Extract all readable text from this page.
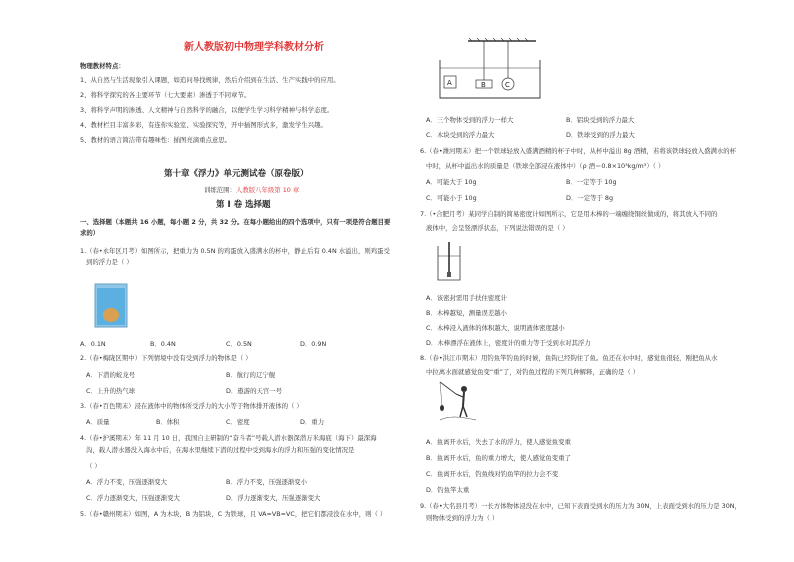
新人教版初中物理学科教材分析
物理教材特点：
1、从自然与生活现象引入课题，如追问导找规律，然后介绍到在生活、生产实践中的应用。
2、将科学探究的各主要环节（七大要素）渗透于不同章节。
3、将科学声明的渗透、人文精神与自然科学的融合，以便学生学习科学精神与科学态度。
4、教材栏目丰富多彩，有连你实验室、实验探究等，开中插图形式多，激发学生兴趣。
5、教材的语言简洁带有趣味性：插图亮滴重点意思。
第十章《浮力》单元测试卷（原卷版）
训练范围：人教版八年级第 10 章
第 Ⅰ 卷 选择题
一、选择题（本题共 16 小题，每小题 2 分，共 32 分。在每小题给出的四个选项中，只有一项是符合题目要
求的）
1.（春•永年区月考）如图所示，把重力为 0.5N 的鸡蛋放入盛满水的杯中，静止后有 0.4N 水溢出，则鸡蛋受
到的浮力是（ ）
A．0.1N	B．0.4N	C．0.5N	D．0.9N
2.（春•梅陇区期中）下列情境中没有受到浮力的物体是（ ）
A．下潜的蛟龙号	B．航行的辽宁舰
C．上升的热气球	D．遨游的天宫一号
3.（春•百色期末）浸在液体中的物体所受浮力的大小等于物体排开液体的（ ）
A．质量	B．体积	C．密度	D．重力
4.（春•护溪期末）年 11 月 10 日，我国自主研制的“奋斗者”号载人潜水器深潜万米海底（海下）最深海
沟，载人潜水器没入海水中后，在海水里继续下潜的过程中受到海水的浮力和压强的变化情况是
（ ）
A．浮力不变，压强逐渐变大	B．浮力不变，压强逐渐变小
C．浮力逐渐变大，压强逐渐变大	D．浮力逐渐变大，压强逐渐变大
5.（春•赣州期末）如图，A 为木块，B 为铝块，C 为铁球，且 VA=VB=VC，把它们都浸没在水中，则（ ）
A	B	C
A．三个物体受到的浮力一样大	B．铝块受到的浮力最大
C．木块受到的浮力最大	D．铁球受到的浮力最大
6.（春•潍河期末）把一个铁球轻放入盛满酒精的杯子中时，从杯中溢出 8g 酒精，若将该铁球轻放入盛满水的杯
中时，从杯中溢出水的质量是（铁球全部浸在液体中）（ρ 酒＝0.8×10³kg/m³）（ ）
A．可能大于 10g	B．一定等于 10g
C．可能小于 10g	D．一定等于 8g
7.（•合肥月考）某同学自制的简易密度计如图所示，它是用木棒的一端缠绕铜丝做成的，将其放入不同的
液体中，会呈竖漂浮状态，下列说法错误的是（ ）
A．该密封需用手扶住密度计
B．木棒越短，测量误差越小
C．木棒浸入液体的体积越大，说明液体密度越小
D．木棒漂浮在液体上，密度计的重力等于受到水对其浮力
8.（春•洪江市期末）用钓鱼竿钓鱼的时候，鱼钩已经钩住了鱼。鱼还在水中时，感觉鱼很轻，刚把鱼从水
中拉离水面就感觉鱼变“重”了，对钓鱼过程的下列几种解释，正确的是（ ）
A．鱼离开水后，失去了水的浮力，使人感觉鱼变重
B．鱼离开水后，鱼的重力增大，使人感觉鱼变重了
C．鱼离开水后，钓鱼线对钓鱼竿的拉力会不变
D．钓鱼竿太重
9.（春•大名县月考）一长方体物体浸没在水中，已知下表面受到水的压力为 30N，上表面受到水的压力是 30N，
则物体受到的浮力为（ ）
